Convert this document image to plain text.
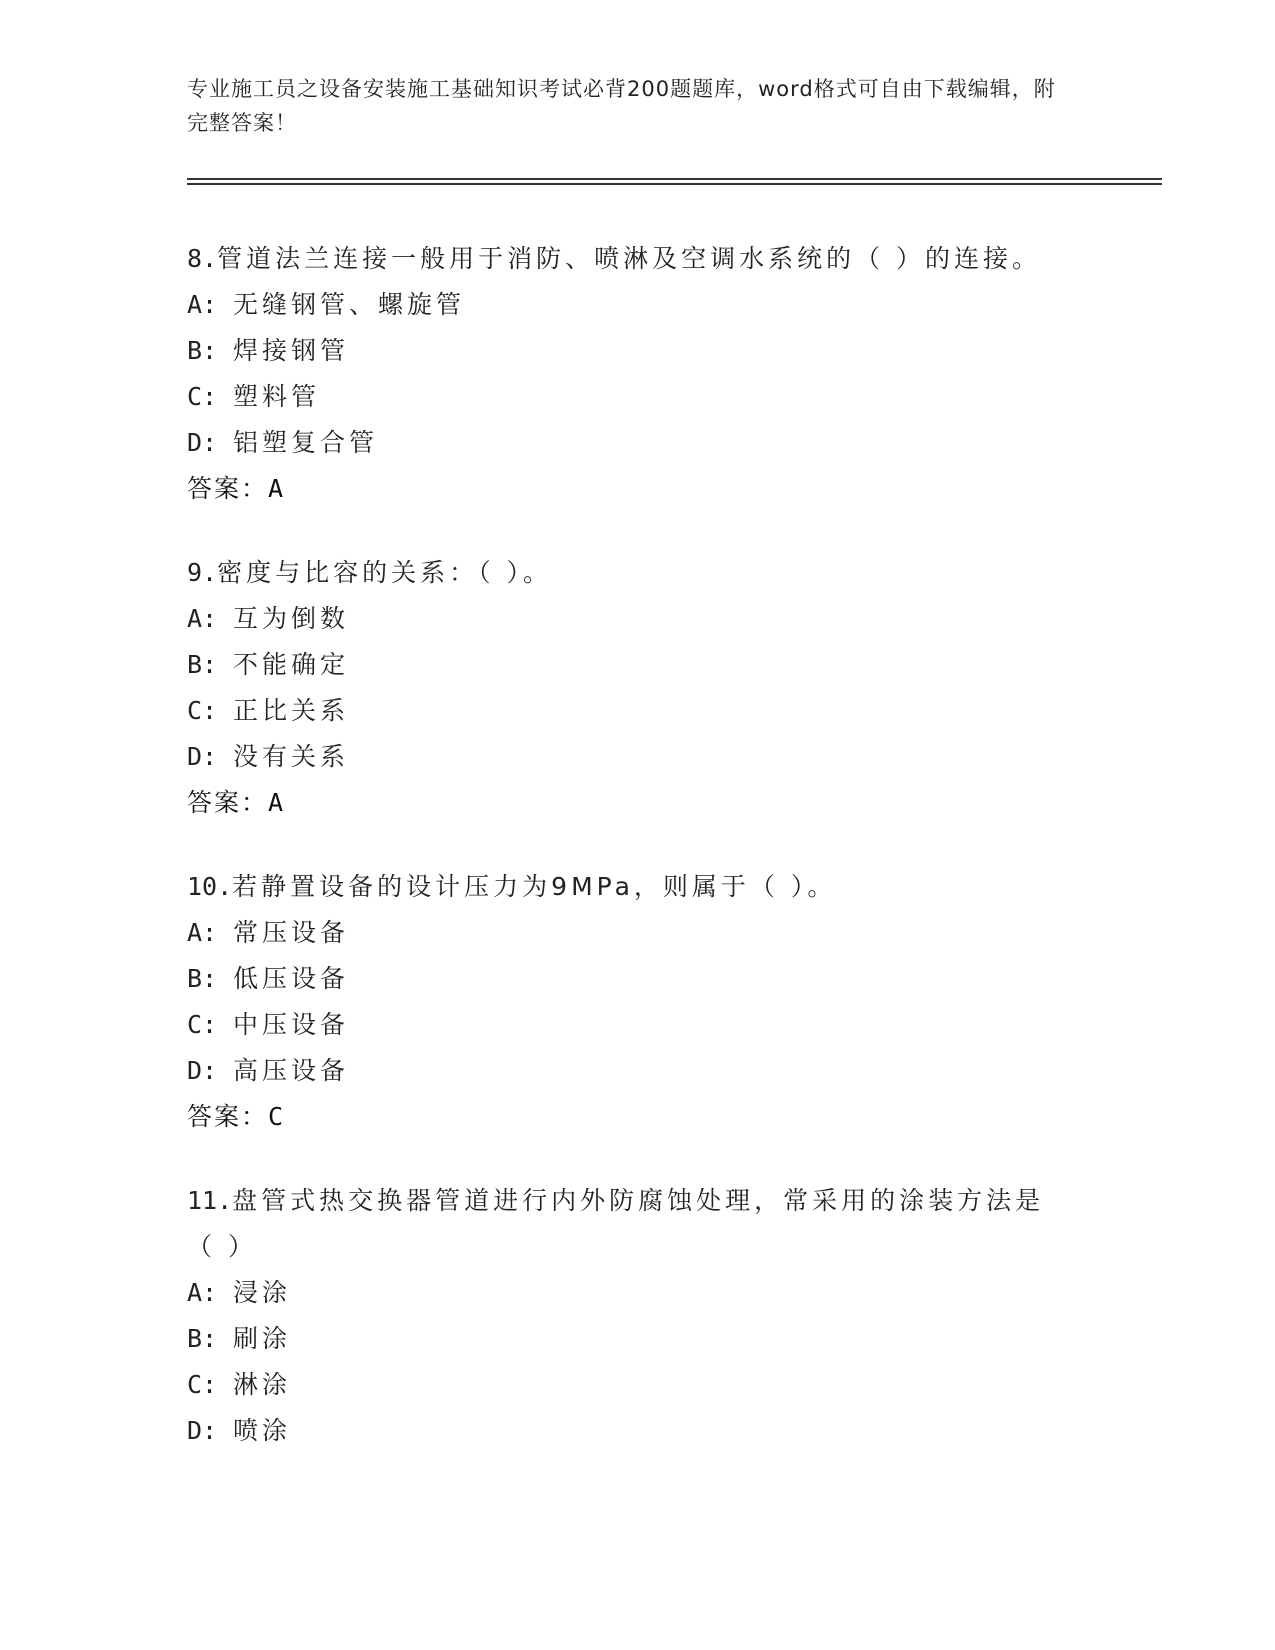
专业施工员之设备安装施工基础知识考试必背200题题库，word格式可自由下载编辑，附完整答案！
8.管道法兰连接一般用于消防、喷淋及空调水系统的（ ）的连接。
A: 无缝钢管、螺旋管
B: 焊接钢管
C: 塑料管
D: 铝塑复合管
答案：A
9.密度与比容的关系：（ ）。
A: 互为倒数
B: 不能确定
C: 正比关系
D: 没有关系
答案：A
10.若静置设备的设计压力为9MPa，则属于（ ）。
A: 常压设备
B: 低压设备
C: 中压设备
D: 高压设备
答案：C
11.盘管式热交换器管道进行内外防腐蚀处理，常采用的涂装方法是（ ）
A: 浸涂
B: 刷涂
C: 淋涂
D: 喷涂
